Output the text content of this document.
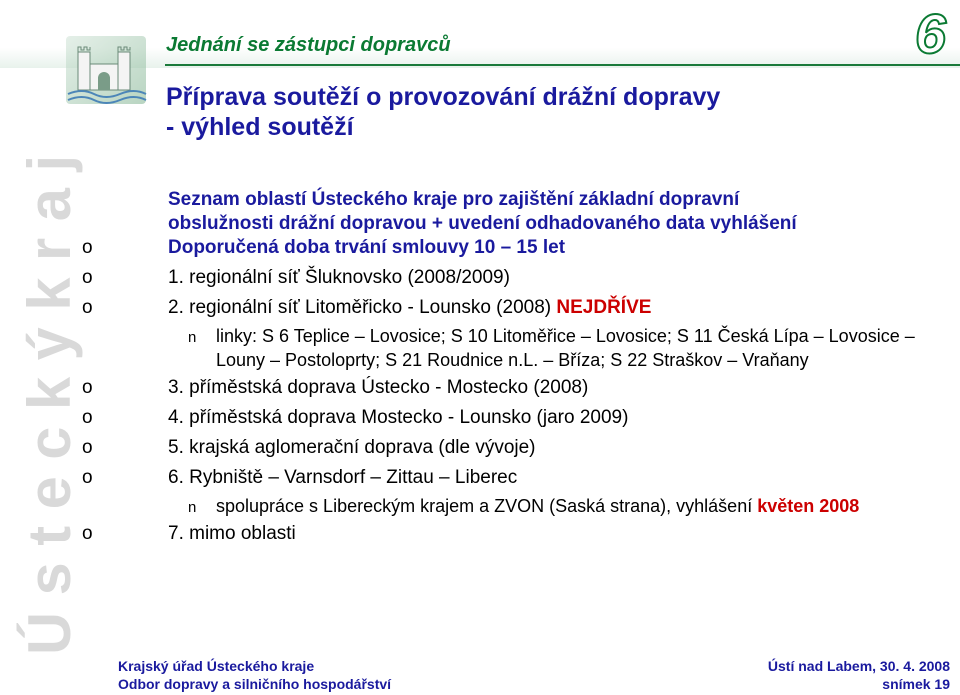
Jednání se zástupci dopravců	6
Příprava soutěží o provozování drážní dopravy
- výhled soutěží
Ú s t e c k ý k r a j	Seznam oblastí Ústeckého kraje pro zajištění základní dopravní
obslužnosti drážní dopravou + uvedení odhadovaného data vyhlášení
o	Doporučená doba trvání smlouvy 10 – 15 let
o	1. regionální síť Šluknovsko (2008/2009)
o	2. regionální síť Litoměřicko - Lounsko (2008) NEJDŘÍVE
n linky: S 6 Teplice – Lovosice; S 10 Litoměřice – Lovosice; S 11 Česká Lípa – Lovosice – Louny – Postoloprty; S 21 Roudnice n.L. – Bříza; S 22 Straškov – Vraňany
o	3. příměstská doprava Ústecko - Mostecko (2008)
o	4. příměstská doprava Mostecko - Lounsko (jaro 2009)
o	5. krajská aglomerační doprava (dle vývoje)
o	6. Rybniště – Varnsdorf – Zittau – Liberec
n spolupráce s Libereckým krajem a ZVON (Saská strana), vyhlášení květen 2008
o	7. mimo oblasti
Krajský úřad Ústeckého kraje
Odbor dopravy a silničního hospodářství
Ústí nad Labem, 30. 4. 2008
snímek 19
